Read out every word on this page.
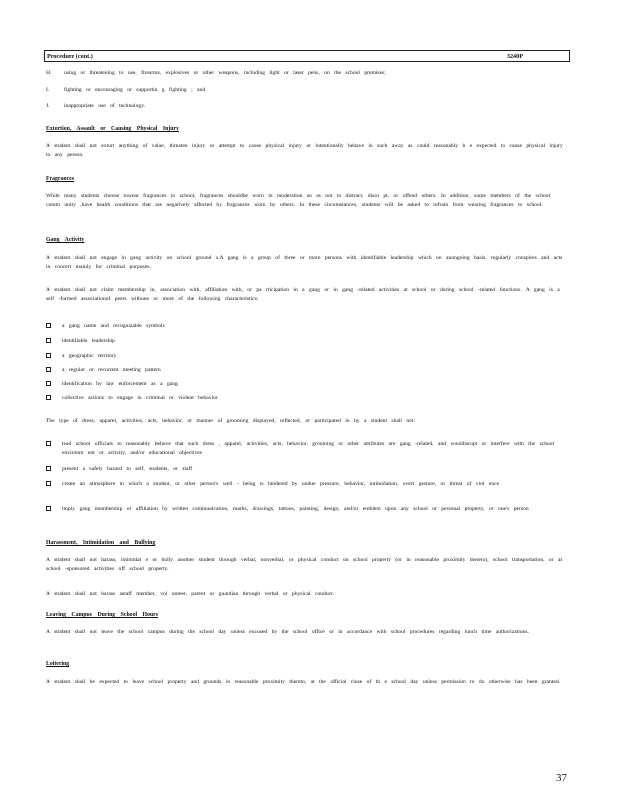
Procedure (cont.)	3240P
H. using or threatening to use, firearms, explosives or other weapons, including light or laser pens, on the school premises;
I.	fighting or encouraging or supportin g fighting ; and
J.	inappropriate use of technology.
Extortion, Assault or Causing Physical Injury
A student shall not extort anything of value, threaten injury or attempt to cause physical injury or intentionally behave in such away as could reasonably b e expected to cause physical injury to any person.
Fragrances
While many students choose towear fragrances to school, fragrances shouldbe worn in moderation so as not to distract, disru pt, or offend others. In addition, some members of the school comm unity ,have health conditions that are negatively affected by fragrances worn by others. In these circumstances, students will be asked to refrain from wearing fragrances to school.
Gang Activity
A student shall not engage in gang activity on school ground s.A gang is a group of three or more persons with identifiable leadership which on anongoing basis, regularly conspires and acts in concert mainly for criminal purposes.
A student shall not claim membership in, association with, affiliation with, or pa rticipation in a gang or in gang -related activities at school or during school -related functions. A gang is a self -formed associationof peers withone or more of the following characteristics:
a gang name and recognizable symbols
identifiable leadership
a geographic territory
a regular or recurrent meeting pattern
identification by law enforcement as a gang
collective actions to engage in criminal or violent behavior
The type of dress, apparel, activities, acts, behavior, or manner of grooming displayed, reflected, or participated in by a student shall not:
lead school officials to reasonably believe that such dress , apparel, activities, acts, behavior, grooming or other attributes are gang -related, and wouldisrupt or interfere with the school environm ent or activity, and/or educational objectives
present a safety hazard to self, students, or staff
create an atmosphere in which a student, or other person's well - being is hindered by undue pressure, behavior, intimidation, overt gesture, or threat of viol ence
imply gang membership or affiliation by written communication, marks, drawings, tattoos, painting, design, and/or emblem upon any school or personal property, or one's person
Harassment, Intimidation and Bullying
A student shall not harass, intimidat e or bully another student through verbal, nonverbal, or physical conduct on school property (or in reasonable proximity thereto), school transportation, or at school -sponsored activities off school property.
A student shall not harass astaff member, vol unteer, parent or guardian through verbal or physical conduct.
Leaving Campus During School Hours
A student shall not leave the school campus during the school day unless excused by the school office or in accordance with school procedures regarding lunch time authorizations.
Loitering
A student shall be expected to leave school property and grounds in reasonable proximity thereto, at the official close of th e school day unless permission to do otherwise has been granted.
37
